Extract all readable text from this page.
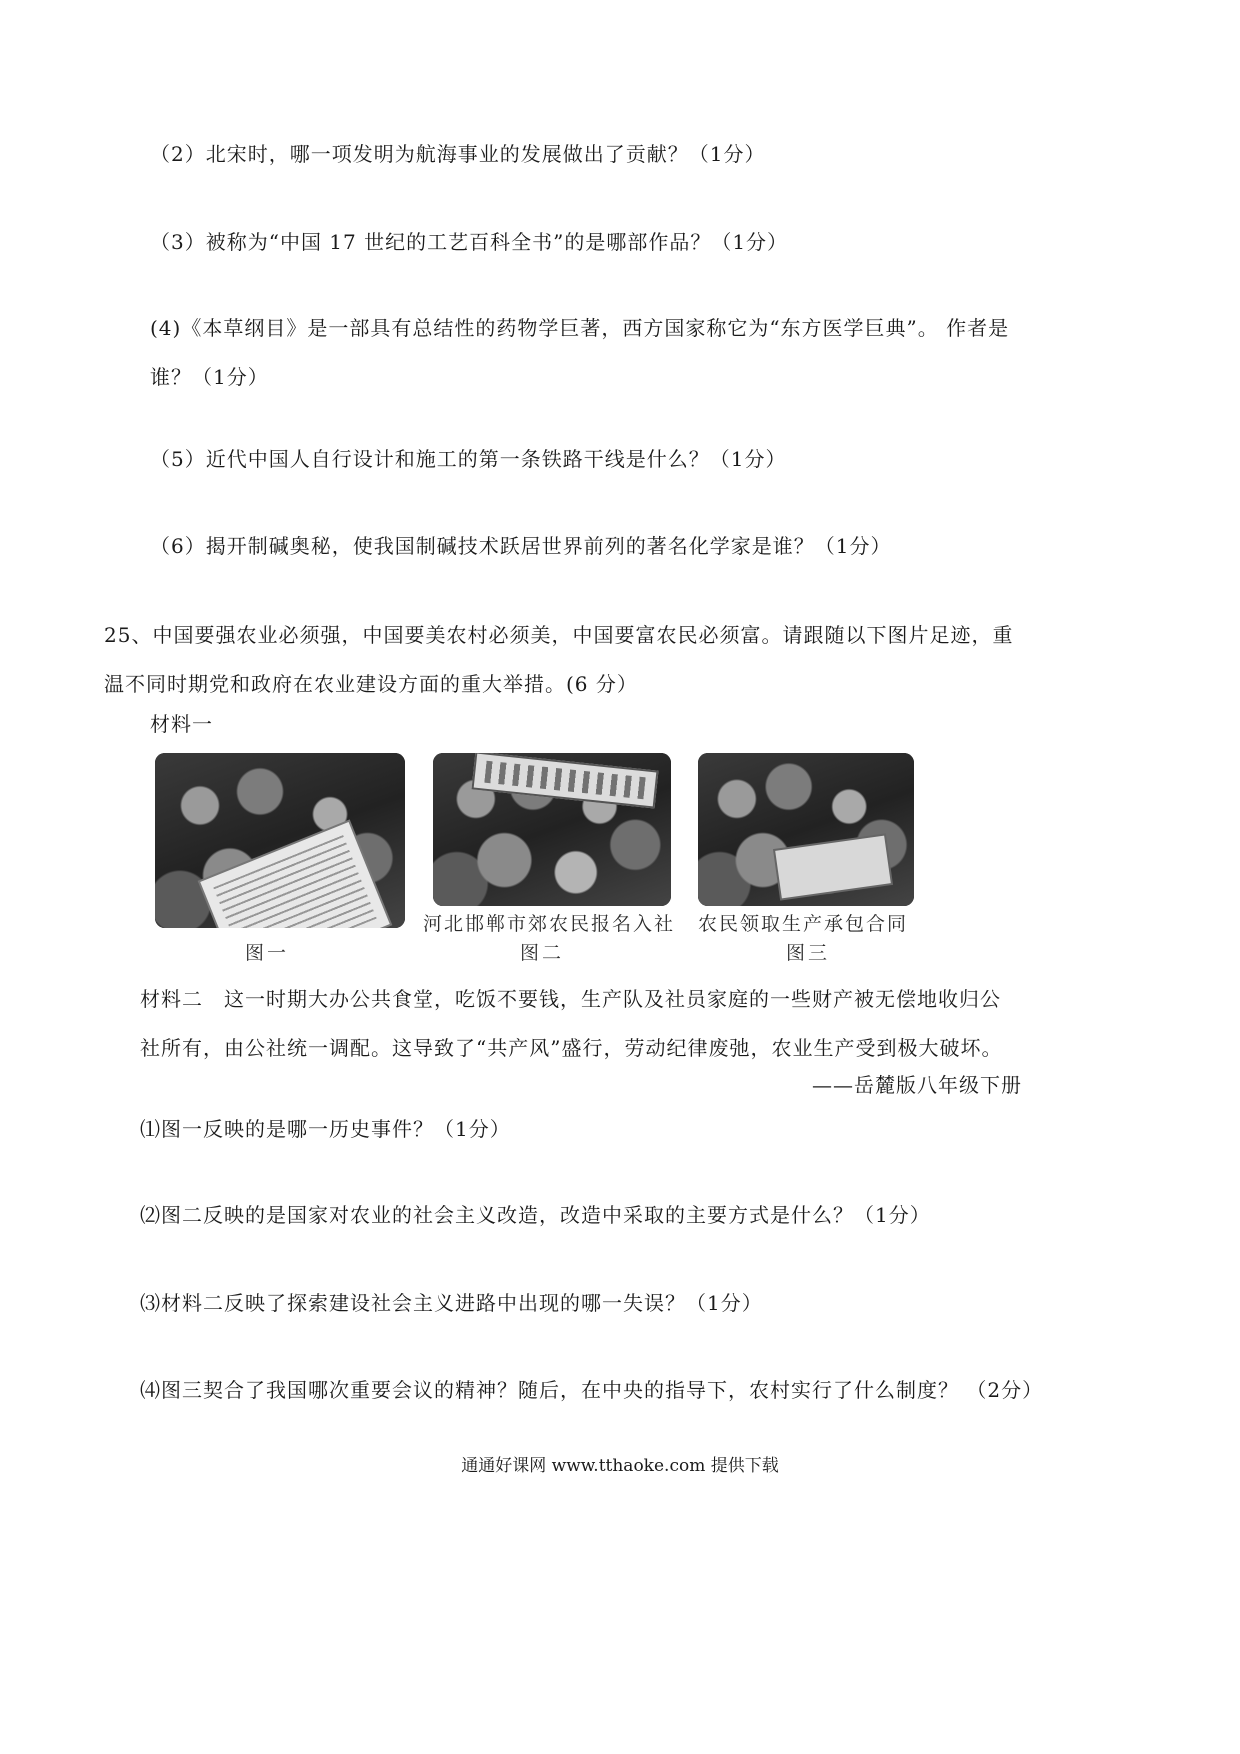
（2）北宋时，哪一项发明为航海事业的发展做出了贡献？（1分）
（3）被称为“中国 17 世纪的工艺百科全书”的是哪部作品？（1分）
(4)《本草纲目》是一部具有总结性的药物学巨著，西方国家称它为“东方医学巨典”。 作者是谁？（1分）
（5）近代中国人自行设计和施工的第一条铁路干线是什么？（1分）
（6）揭开制碱奥秘，使我国制碱技术跃居世界前列的著名化学家是谁？（1分）
25、中国要强农业必须强，中国要美农村必须美，中国要富农民必须富。请跟随以下图片足迹，重温不同时期党和政府在农业建设方面的重大举措。(6 分）
材料一
图一
河北邯郸市郊农民报名入社
图二
农民领取生产承包合同
图三
材料二　这一时期大办公共食堂，吃饭不要钱，生产队及社员家庭的一些财产被无偿地收归公社所有，由公社统一调配。这导致了“共产风”盛行，劳动纪律废弛，农业生产受到极大破坏。
——岳麓版八年级下册
⑴图一反映的是哪一历史事件？（1分）
⑵图二反映的是国家对农业的社会主义改造，改造中采取的主要方式是什么？（1分）
⑶材料二反映了探索建设社会主义进路中出现的哪一失误？（1分）
⑷图三契合了我国哪次重要会议的精神？随后，在中央的指导下，农村实行了什么制度？ （2分）
通通好课网 www.tthaoke.com 提供下载
